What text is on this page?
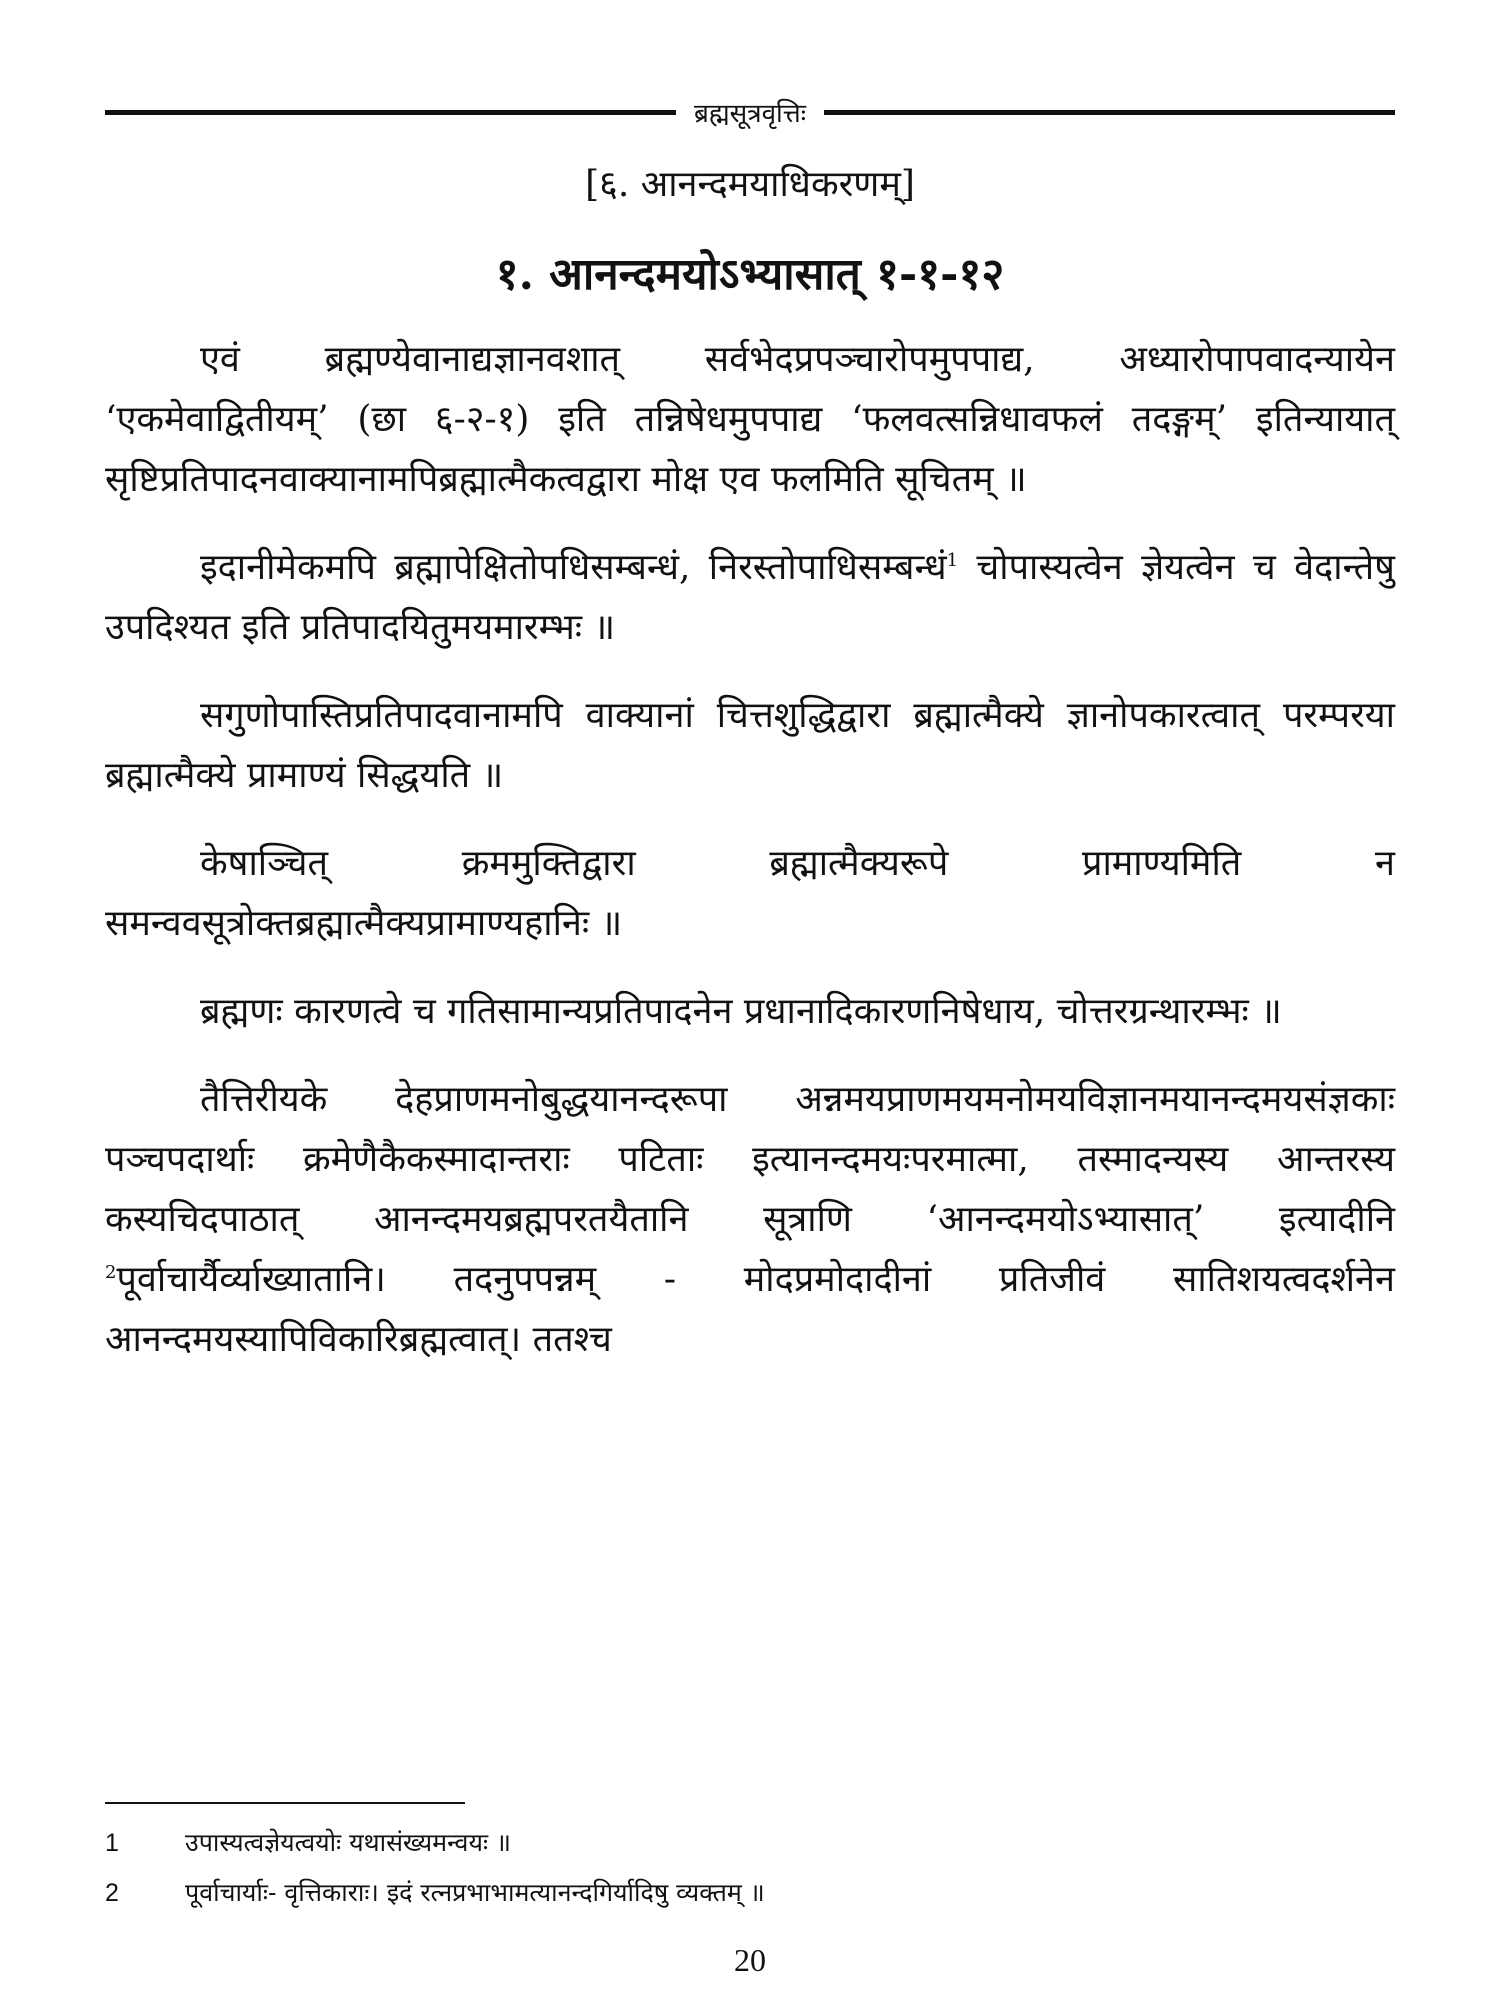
ब्रह्मसूत्रवृत्तिः
[६. आनन्दमयाधिकरणम्]
१. आनन्दमयोऽभ्यासात् १-१-१२

एवं ब्रह्मण्येवानाद्यज्ञानवशात् सर्वभेदप्रपञ्चारोपमुपपाद्य, अध्यारोपापवादन्यायेन ‘एकमेवाद्वितीयम्’ (छा ६-२-१) इति तन्निषेधमुपपाद्य ‘फलवत्सन्निधावफलं तदङ्गम्’ इतिन्यायात् सृष्टिप्रतिपादनवाक्यानामपिब्रह्मात्मैकत्वद्वारा मोक्ष एव फलमिति सूचितम् ॥

इदानीमेकमपि ब्रह्मापेक्षितोपधिसम्बन्धं, निरस्तोपाधिसम्बन्धं$^1$ चोपास्यत्वेन ज्ञेयत्वेन च वेदान्तेषु उपदिश्यत इति प्रतिपादयितुमयमारम्भः ॥

सगुणोपास्तिप्रतिपादवानामपि वाक्यानां चित्तशुद्धिद्वारा ब्रह्मात्मैक्ये ज्ञानोपकारत्वात् परम्परया ब्रह्मात्मैक्ये प्रामाण्यं सिद्धयति ॥

केषाञ्चित् क्रममुक्तिद्वारा ब्रह्मात्मैक्यरूपे प्रामाण्यमिति न समन्ववसूत्रोक्तब्रह्मात्मैक्यप्रामाण्यहानिः ॥

ब्रह्मणः कारणत्वे च गतिसामान्यप्रतिपादनेन प्रधानादिकारणनिषेधाय, चोत्तरग्रन्थारम्भः ॥

तैत्तिरीयके देहप्राणमनोबुद्धयानन्दरूपा अन्नमयप्राणमयमनोमयविज्ञानमयानन्दमयसंज्ञकाः पञ्चपदार्थाः क्रमेणैकैकस्मादान्तराः पटिताः इत्यानन्दमयःपरमात्मा, तस्मादन्यस्य आन्तरस्य कस्यचिदपाठात् आनन्दमयब्रह्मपरतयैतानि सूत्राणि ‘आनन्दमयोऽभ्यासात्’ इत्यादीनि $^2$पूर्वाचार्यैर्व्याख्यातानि। तदनुपपन्नम् - मोदप्रमोदादीनां प्रतिजीवं सातिशयत्वदर्शनेन आनन्दमयस्यापिविकारिब्रह्मत्वात्। ततश्च

1	उपास्यत्वज्ञेयत्वयोः यथासंख्यमन्वयः ॥
2	पूर्वाचार्याः- वृत्तिकाराः। इदं रत्नप्रभाभामत्यानन्दगिर्यादिषु व्यक्तम् ॥
20
